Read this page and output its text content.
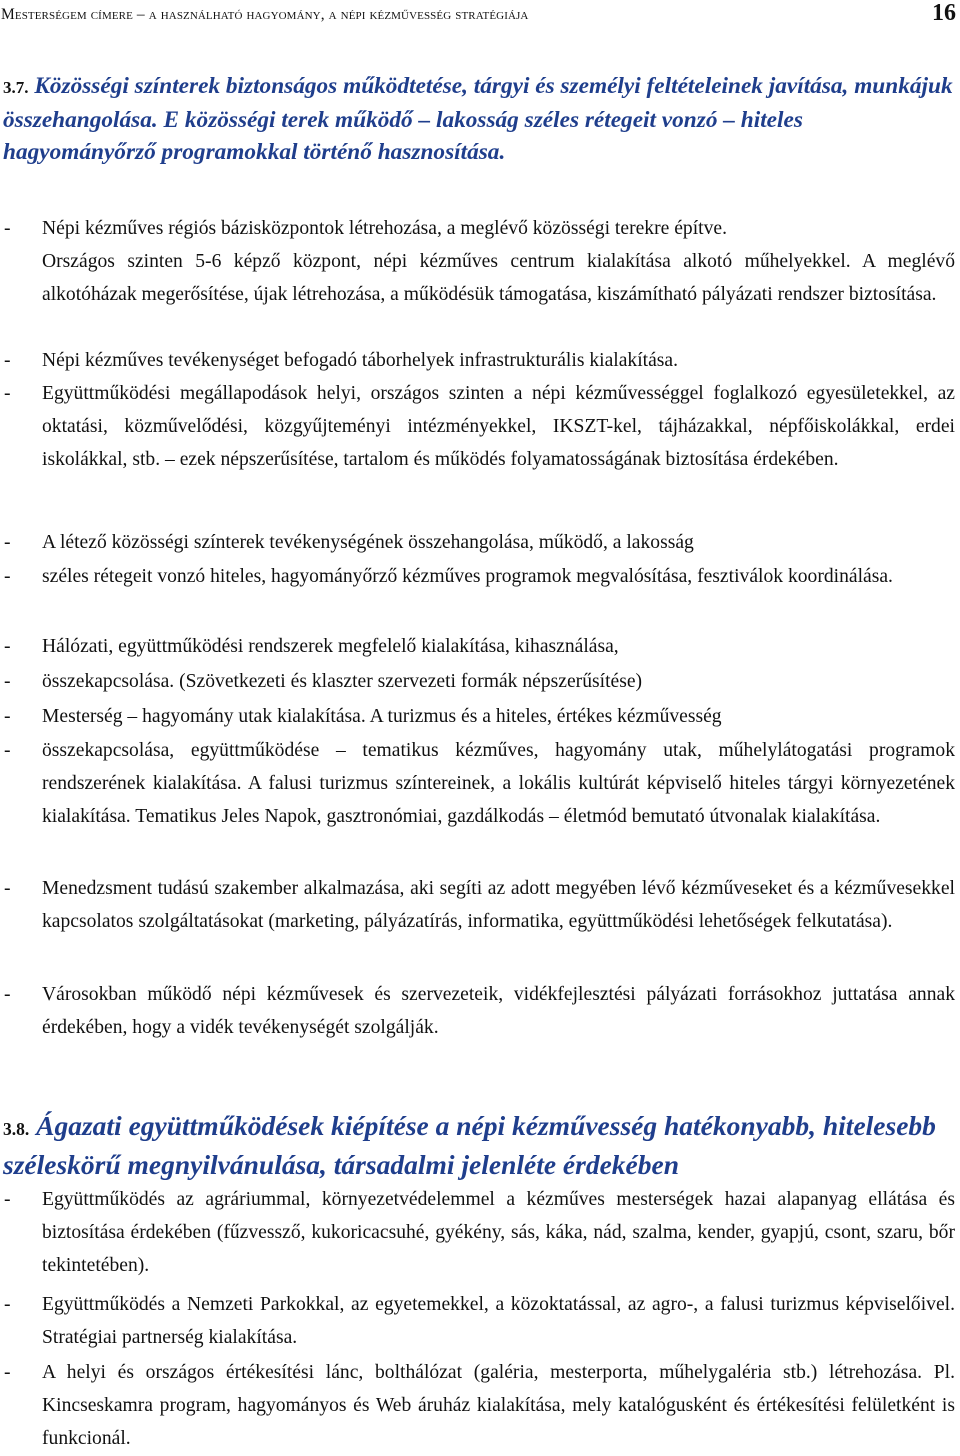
Mesterségem címere – a használható hagyomány, a népi kézművesség stratégiája	16
3.7. Közösségi színterek biztonságos működtetése, tárgyi és személyi feltételeinek javítása, munkájuk összehangolása. E közösségi terek működő – lakosság széles rétegeit vonzó – hiteles hagyományőrző programokkal történő hasznosítása.
- Népi kézműves régiós bázisközpontok létrehozása, a meglévő közösségi terekre építve.
Országos szinten 5-6 képző központ, népi kézműves centrum kialakítása alkotó műhelyekkel. A meglévő alkotóházak megerősítése, újak létrehozása, a működésük támogatása, kiszámítható pályázati rendszer biztosítása.
- Népi kézműves tevékenységet befogadó táborhelyek infrastrukturális kialakítása.
- Együttműködési megállapodások helyi, országos szinten a népi kézművességgel foglalkozó egyesületekkel, az oktatási, közművelődési, közgyűjteményi intézményekkel, IKSZT-kel, tájházakkal, népfőiskolákkal, erdei iskolákkal, stb. – ezek népszerűsítése, tartalom és működés folyamatosságának biztosítása érdekében.
- A létező közösségi színterek tevékenységének összehangolása, működő, a lakosság
- széles rétegeit vonzó hiteles, hagyományőrző kézműves programok megvalósítása, fesztiválok koordinálása.
- Hálózati, együttműködési rendszerek megfelelő kialakítása, kihasználása,
- összekapcsolása. (Szövetkezeti és klaszter szervezeti formák népszerűsítése)
- Mesterség – hagyomány utak kialakítása. A turizmus és a hiteles, értékes kézművesség
- összekapcsolása, együttműködése – tematikus kézműves, hagyomány utak, műhelylátogatási programok rendszerének kialakítása. A falusi turizmus színtereinek, a lokális kultúrát képviselő hiteles tárgyi környezetének kialakítása. Tematikus Jeles Napok, gasztronómiai, gazdálkodás – életmód bemutató útvonalak kialakítása.
- Menedzsment tudású szakember alkalmazása, aki segíti az adott megyében lévő kézműveseket és a kézművesekkel kapcsolatos szolgáltatásokat (marketing, pályázatírás, informatika, együttműködési lehetőségek felkutatása).
- Városokban működő népi kézművesek és szervezeteik, vidékfejlesztési pályázati forrásokhoz juttatása annak érdekében, hogy a vidék tevékenységét szolgálják.
3.8. Ágazati együttműködések kiépítése a népi kézművesség hatékonyabb, hitelesebb széleskörű megnyilvánulása, társadalmi jelenléte érdekében
- Együttműködés az agráriummal, környezetvédelemmel a kézműves mesterségek hazai alapanyag ellátása és biztosítása érdekében (fűzvessző, kukoricacsuhé, gyékény, sás, káka, nád, szalma, kender, gyapjú, csont, szaru, bőr tekintetében).
- Együttműködés a Nemzeti Parkokkal, az egyetemekkel, a közoktatással, az agro-, a falusi turizmus képviselőivel. Stratégiai partnerség kialakítása.
- A helyi és országos értékesítési lánc, bolthálózat (galéria, mesterporta, műhelygaléria stb.) létrehozása. Pl. Kincseskamra program, hagyományos és Web áruház kialakítása, mely katalógusként és értékesítési felületként is funkcionál.
